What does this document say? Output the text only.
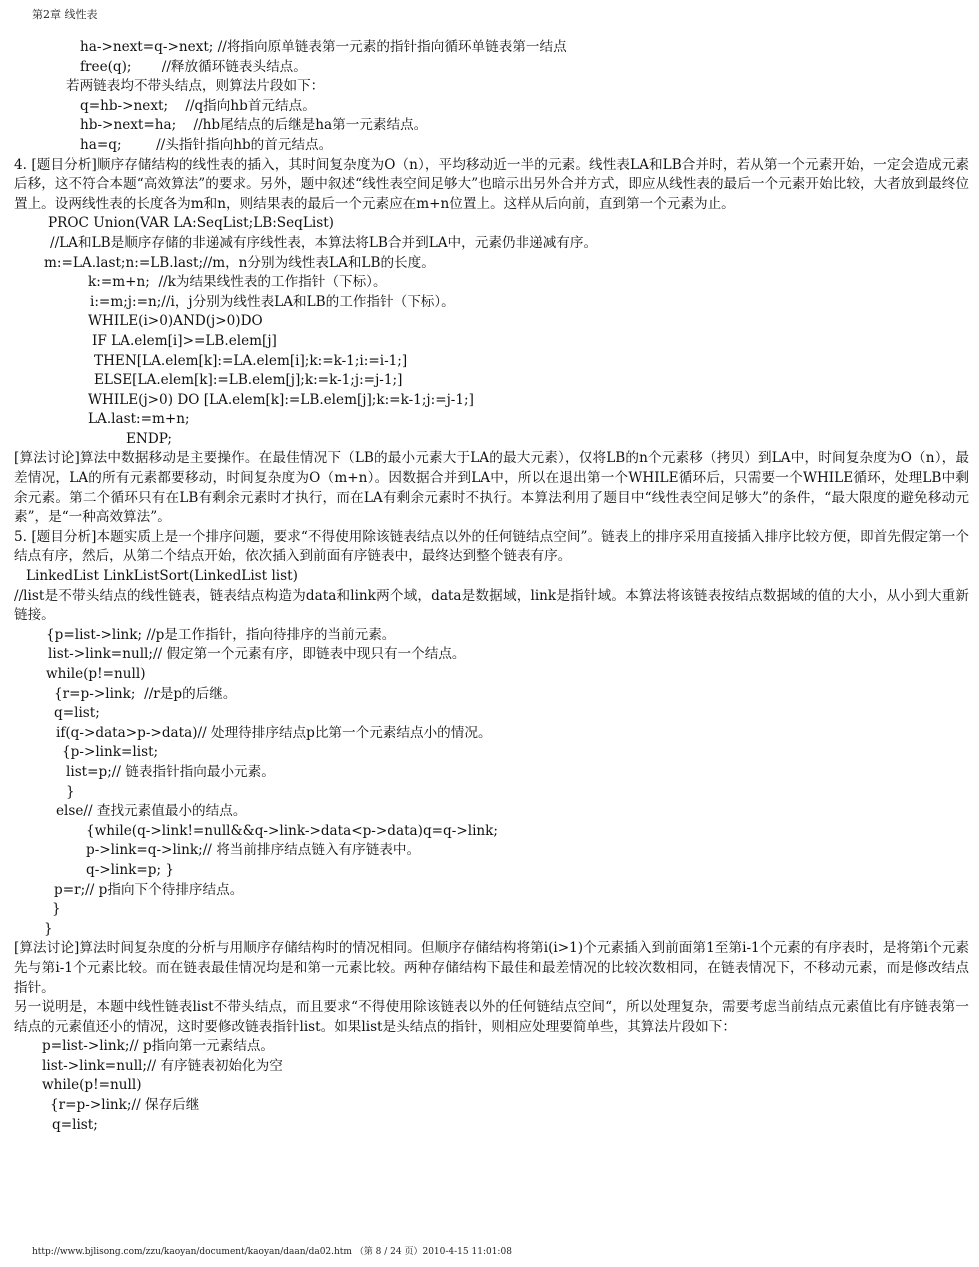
第2章 线性表
ha->next=q->next; //将指向原单链表第一元素的指针指向循环单链表第一结点
free(q);       //释放循环链表头结点。
若两链表均不带头结点，则算法片段如下：
q=hb->next;    //q指向hb首元结点。
hb->next=ha;    //hb尾结点的后继是ha第一元素结点。
ha=q;        //头指针指向hb的首元结点。
4. [题目分析]顺序存储结构的线性表的插入，其时间复杂度为O（n），平均移动近一半的元素。线性表LA和LB合并时，若从第一个元素开始，一定会造成元素后移，这不符合本题“高效算法”的要求。另外，题中叙述“线性表空间足够大”也暗示出另外合并方式，即应从线性表的最后一个元素开始比较，大者放到最终位置上。设两线性表的长度各为m和n，则结果表的最后一个元素应在m+n位置上。这样从后向前，直到第一个元素为止。
PROC Union(VAR LA:SeqList;LB:SeqList)
//LA和LB是顺序存储的非递减有序线性表，本算法将LB合并到LA中，元素仍非递减有序。
m:=LA.last;n:=LB.last;//m，n分别为线性表LA和LB的长度。
k:=m+n;  //k为结果线性表的工作指针（下标）。
i:=m;j:=n;//i，j分别为线性表LA和LB的工作指针（下标）。
WHILE(i>0)AND(j>0)DO
IF LA.elem[i]>=LB.elem[j]
THEN[LA.elem[k]:=LA.elem[i];k:=k-1;i:=i-1;]
ELSE[LA.elem[k]:=LB.elem[j];k:=k-1;j:=j-1;]
WHILE(j>0) DO [LA.elem[k]:=LB.elem[j];k:=k-1;j:=j-1;]
LA.last:=m+n;
ENDP;
[算法讨论]算法中数据移动是主要操作。在最佳情况下（LB的最小元素大于LA的最大元素），仅将LB的n个元素移（拷贝）到LA中，时间复杂度为O（n），最差情况，LA的所有元素都要移动，时间复杂度为O（m+n）。因数据合并到LA中，所以在退出第一个WHILE循环后，只需要一个WHILE循环，处理LB中剩余元素。第二个循环只有在LB有剩余元素时才执行，而在LA有剩余元素时不执行。本算法利用了题目中“线性表空间足够大”的条件，“最大限度的避免移动元素”，是“一种高效算法”。
5. [题目分析]本题实质上是一个排序问题，要求“不得使用除该链表结点以外的任何链结点空间”。链表上的排序采用直接插入排序比较方便，即首先假定第一个结点有序，然后，从第二个结点开始，依次插入到前面有序链表中，最终达到整个链表有序。
LinkedList LinkListSort(LinkedList list)
//list是不带头结点的线性链表，链表结点构造为data和link两个域，data是数据域，link是指针域。本算法将该链表按结点数据域的值的大小，从小到大重新链接。
{p=list->link; //p是工作指针，指向待排序的当前元素。
list->link=null;// 假定第一个元素有序，即链表中现只有一个结点。
while(p!=null)
{r=p->link;  //r是p的后继。
q=list;
if(q->data>p->data)// 处理待排序结点p比第一个元素结点小的情况。
{p->link=list;
list=p;// 链表指针指向最小元素。
}
else// 查找元素值最小的结点。
{while(q->link!=null&&q->link->data<p->data)q=q->link;
p->link=q->link;// 将当前排序结点链入有序链表中。
q->link=p; }
p=r;// p指向下个待排序结点。
}
}
[算法讨论]算法时间复杂度的分析与用顺序存储结构时的情况相同。但顺序存储结构将第i(i>1)个元素插入到前面第1至第i-1个元素的有序表时，是将第i个元素先与第i-1个元素比较。而在链表最佳情况均是和第一元素比较。两种存储结构下最佳和最差情况的比较次数相同，在链表情况下，不移动元素，而是修改结点指针。
另一说明是，本题中线性链表list不带头结点，而且要求“不得使用除该链表以外的任何链结点空间“，所以处理复杂，需要考虑当前结点元素值比有序链表第一结点的元素值还小的情况，这时要修改链表指针list。如果list是头结点的指针，则相应处理要简单些，其算法片段如下：
p=list->link;// p指向第一元素结点。
list->link=null;// 有序链表初始化为空
while(p!=null)
{r=p->link;// 保存后继
q=list;
http://www.bjlisong.com/zzu/kaoyan/document/kaoyan/daan/da02.htm （第 8 / 24 页）2010-4-15 11:01:08
